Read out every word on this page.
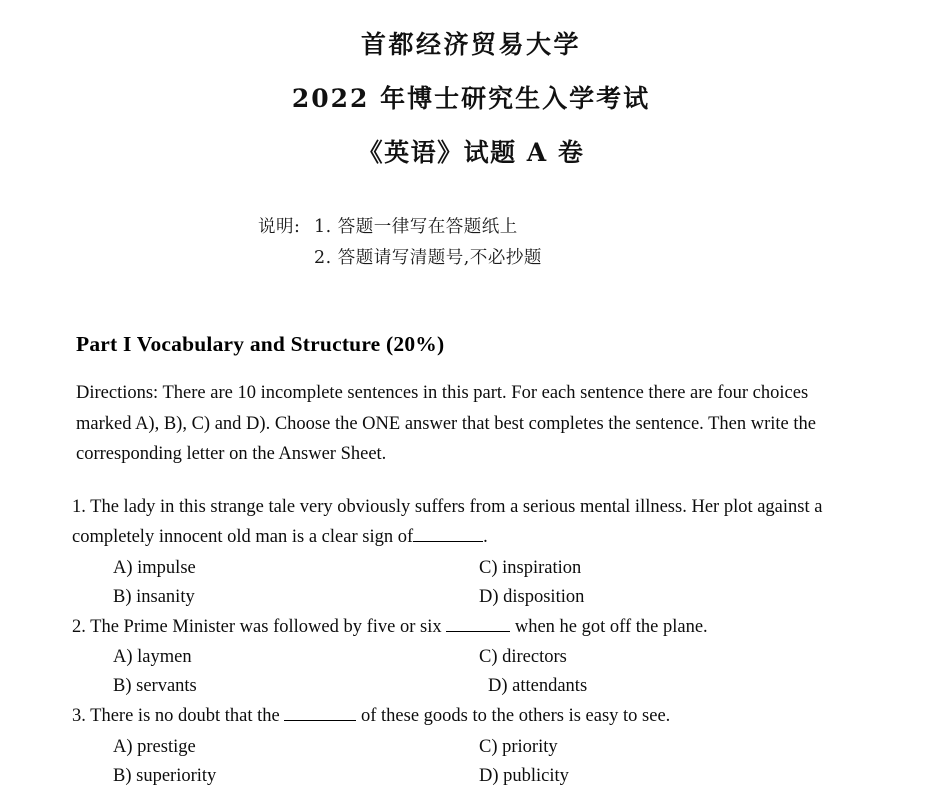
首都经济贸易大学
2022 年博士研究生入学考试
《英语》试题 A 卷
说明: 1. 答题一律写在答题纸上
2. 答题请写清题号,不必抄题
Part I Vocabulary and Structure (20%)
Directions: There are 10 incomplete sentences in this part. For each sentence there are four choices marked A), B), C) and D). Choose the ONE answer that best completes the sentence. Then write the corresponding letter on the Answer Sheet.
1. The lady in this strange tale very obviously suffers from a serious mental illness. Her plot against a completely innocent old man is a clear sign of	.
A) impulse	C) inspiration
B) insanity	D) disposition
2. The Prime Minister was followed by five or six	when he got off the plane.
A) laymen	C) directors
B) servants	D) attendants
3. There is no doubt that the	of these goods to the others is easy to see.
A) prestige	C) priority
B) superiority	D) publicity
